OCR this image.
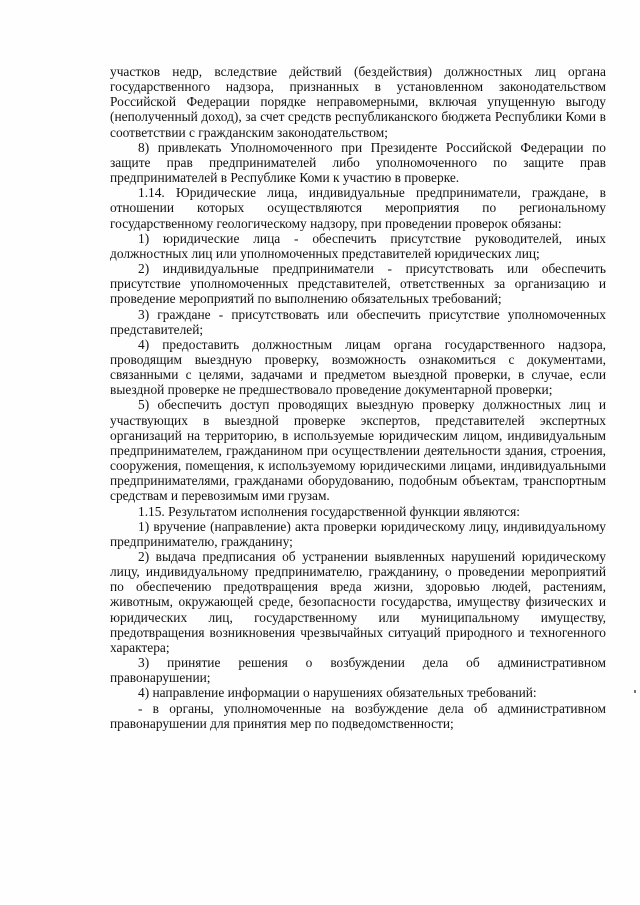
участков недр, вследствие действий (бездействия) должностных лиц органа государственного надзора, признанных в установленном законодательством Российской Федерации порядке неправомерными, включая упущенную выгоду (неполученный доход), за счет средств республиканского бюджета Республики Коми в соответствии с гражданским законодательством;

8) привлекать Уполномоченного при Президенте Российской Федерации по защите прав предпринимателей либо уполномоченного по защите прав предпринимателей в Республике Коми к участию в проверке.

1.14. Юридические лица, индивидуальные предприниматели, граждане, в отношении которых осуществляются мероприятия по региональному государственному геологическому надзору, при проведении проверок обязаны:

1) юридические лица - обеспечить присутствие руководителей, иных должностных лиц или уполномоченных представителей юридических лиц;

2) индивидуальные предприниматели - присутствовать или обеспечить присутствие уполномоченных представителей, ответственных за организацию и проведение мероприятий по выполнению обязательных требований;

3) граждане - присутствовать или обеспечить присутствие уполномоченных представителей;

4) предоставить должностным лицам органа государственного надзора, проводящим выездную проверку, возможность ознакомиться с документами, связанными с целями, задачами и предметом выездной проверки, в случае, если выездной проверке не предшествовало проведение документарной проверки;

5) обеспечить доступ проводящих выездную проверку должностных лиц и участвующих в выездной проверке экспертов, представителей экспертных организаций на территорию, в используемые юридическим лицом, индивидуальным предпринимателем, гражданином при осуществлении деятельности здания, строения, сооружения, помещения, к используемому юридическими лицами, индивидуальными предпринимателями, гражданами оборудованию, подобным объектам, транспортным средствам и перевозимым ими грузам.

1.15. Результатом исполнения государственной функции являются:

1) вручение (направление) акта проверки юридическому лицу, индивидуальному предпринимателю, гражданину;

2) выдача предписания об устранении выявленных нарушений юридическому лицу, индивидуальному предпринимателю, гражданину, о проведении мероприятий по обеспечению предотвращения вреда жизни, здоровью людей, растениям, животным, окружающей среде, безопасности государства, имуществу физических и юридических лиц, государственному или муниципальному имуществу, предотвращения возникновения чрезвычайных ситуаций природного и техногенного характера;

3) принятие решения о возбуждении дела об административном правонарушении;

4) направление информации о нарушениях обязательных требований:

- в органы, уполномоченные на возбуждение дела об административном правонарушении для принятия мер по подведомственности;
